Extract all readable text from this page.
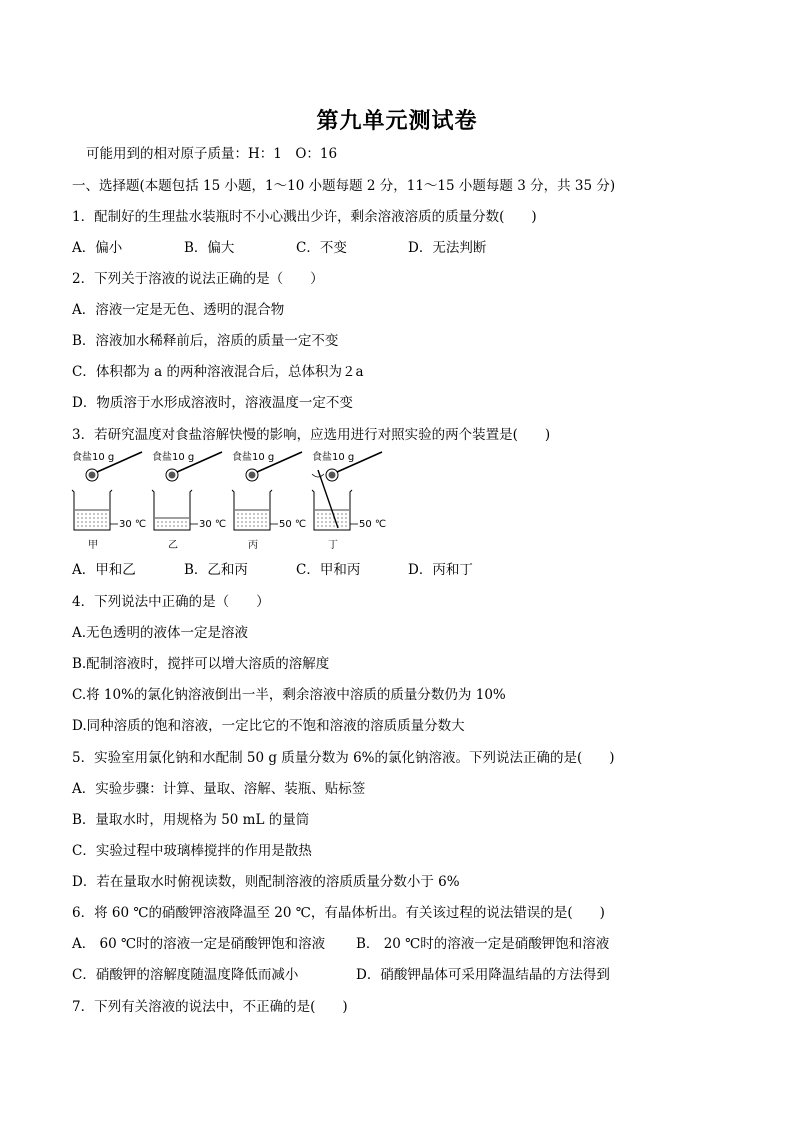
第九单元测试卷
可能用到的相对原子质量：H：1　O：16
一、选择题(本题包括 15 小题，1～10 小题每题 2 分，11～15 小题每题 3 分，共 35 分)
1．配制好的生理盐水装瓶时不小心溅出少许，剩余溶液溶质的质量分数(　　)
A．偏小	B．偏大	C．不变	D．无法判断
2．下列关于溶液的说法正确的是（　　）
A．溶液一定是无色、透明的混合物
B．溶液加水稀释前后，溶质的质量一定不变
C．体积都为 a 的两种溶液混合后，总体积为２a
D．物质溶于水形成溶液时，溶液温度一定不变
3．若研究温度对食盐溶解快慢的影响，应选用进行对照实验的两个装置是(　　)
食盐10 g
30 ℃
甲
食盐10 g
30 ℃
乙
食盐10 g
50 ℃
丙
食盐10 g
50 ℃
丁
A．甲和乙	B．乙和丙	C．甲和丙	D．丙和丁
4．下列说法中正确的是（　　）
A.无色透明的液体一定是溶液
B.配制溶液时，搅拌可以增大溶质的溶解度
C.将 10%的氯化钠溶液倒出一半，剩余溶液中溶质的质量分数仍为 10%
D.同种溶质的饱和溶液，一定比它的不饱和溶液的溶质质量分数大
5．实验室用氯化钠和水配制 50 g 质量分数为 6%的氯化钠溶液。下列说法正确的是(　　)
A．实验步骤：计算、量取、溶解、装瓶、贴标签
B．量取水时，用规格为 50 mL 的量筒
C．实验过程中玻璃棒搅拌的作用是散热
D．若在量取水时俯视读数，则配制溶液的溶质质量分数小于 6%
6．将 60 ℃的硝酸钾溶液降温至 20 ℃，有晶体析出。有关该过程的说法错误的是(　　)
A． 60 ℃时的溶液一定是硝酸钾饱和溶液 B． 20 ℃时的溶液一定是硝酸钾饱和溶液
C．硝酸钾的溶解度随温度降低而减小	D．硝酸钾晶体可采用降温结晶的方法得到
7．下列有关溶液的说法中，不正确的是(　　)
